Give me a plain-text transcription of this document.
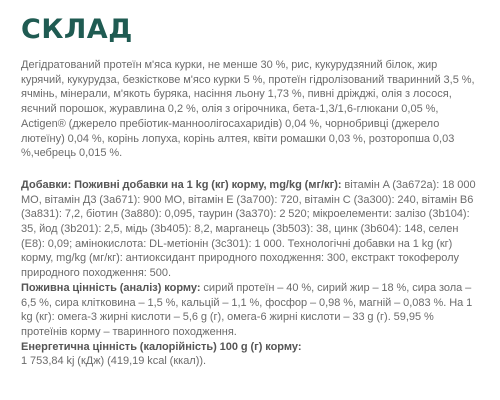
СКЛАД

Дегідратований протеїн м'яса курки, не менше 30 %, рис, кукурудзяний білок, жир курячий, кукурудза, безкісткове м'ясо курки 5 %, протеїн гідролізований тваринний 3,5 %, ячмінь, мінерали, м'якоть буряка, насіння льону 1,73 %, пивні дріжджі, олія з лосося, яєчний порошок, журавлина 0,2 %, олія з огірочника, бета-1,3/1,6-глюкани 0,05 %, Actigen® (джерело пребіотик-манноолігосахаридів) 0,04 %, чорнобривці (джерело лютеїну) 0,04 %, корінь лопуха, корінь алтея, квіти ромашки 0,03 %, розторопша 0,03 %,чебрець 0,015 %.

Добавки: Поживні добавки на 1 kg (кг) корму, mg/kg (мг/кг): вітамін A (3a672a): 18 000 МО, вітамін Д3 (3a671): 900 МО, вітамін E (3a700): 720, вітамін C (3a300): 240, вітамін B6 (3a831): 7,2, біотин (3a880): 0,095, таурин (3a370): 2 520; мікроелементи: залізо (3b104): 35, йод (3b201): 2,5, мідь (3b405): 8,2, марганець (3b503): 38, цинк (3b604): 148, селен (E8): 0,09; амінокислота: DL-метіонін (3c301): 1 000. Технологічні добавки на 1 kg (кг) корму, mg/kg (мг/кг): антиоксидант природного походження: 300, екстракт токоферолу природного походження: 500.

Поживна цінність (аналіз) корму: сирий протеїн – 40 %, сирий жир – 18 %, сира зола – 6,5 %, сира клітковина – 1,5 %, кальцій – 1,1 %, фосфор – 0,98 %, магній – 0,083 %. На 1 kg (кг): омега-3 жирні кислоти – 5,6 g (г), омега-6 жирні кислоти – 33 g (г). 59,95 % протеїнів корму – тваринного походження.

Енергетична цінність (калорійність) 100 g (г) корму:

1 753,84 kj (кДж) (419,19 kcal (ккал)).
